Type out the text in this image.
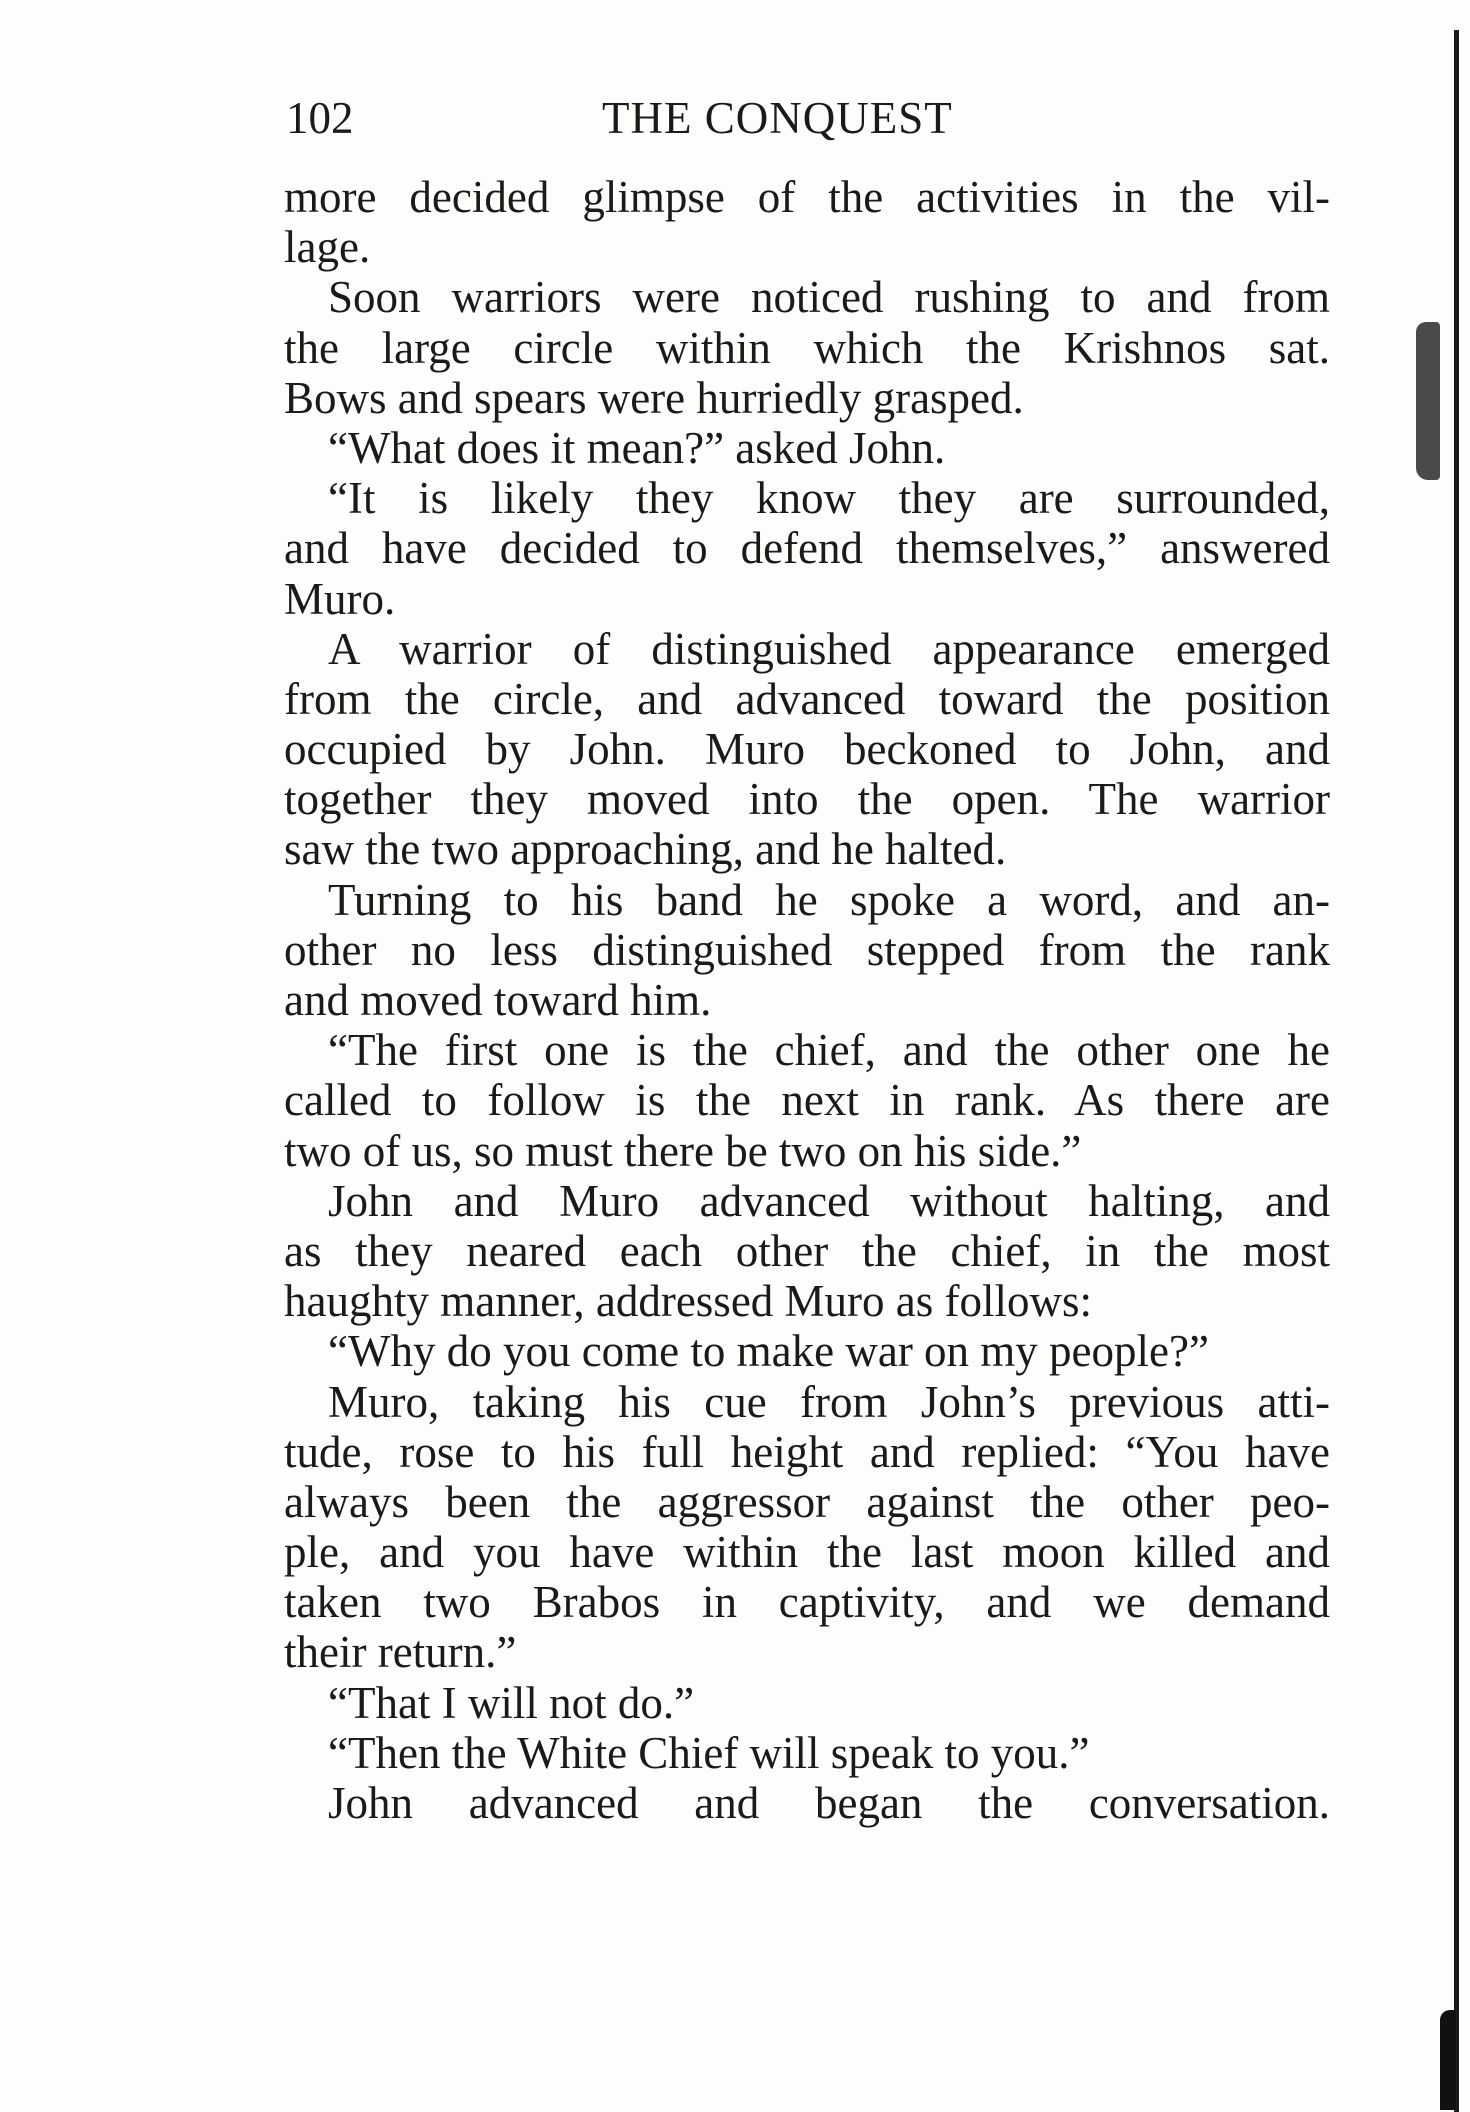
102	THE CONQUEST
more decided glimpse of the activities in the vil-
lage.
Soon warriors were noticed rushing to and from
the large circle within which the Krishnos sat.
Bows and spears were hurriedly grasped.
“What does it mean?” asked John.
“It is likely they know they are surrounded,
and have decided to defend themselves,” answered
Muro.
A warrior of distinguished appearance emerged
from the circle, and advanced toward the position
occupied by John. Muro beckoned to John, and
together they moved into the open. The warrior
saw the two approaching, and he halted.
Turning to his band he spoke a word, and an-
other no less distinguished stepped from the rank
and moved toward him.
“The first one is the chief, and the other one he
called to follow is the next in rank. As there are
two of us, so must there be two on his side.”
John and Muro advanced without halting, and
as they neared each other the chief, in the most
haughty manner, addressed Muro as follows:
“Why do you come to make war on my people?”
Muro, taking his cue from John’s previous atti-
tude, rose to his full height and replied: “You have
always been the aggressor against the other peo-
ple, and you have within the last moon killed and
taken two Brabos in captivity, and we demand
their return.”
“That I will not do.”
“Then the White Chief will speak to you.”
John advanced and began the conversation.
